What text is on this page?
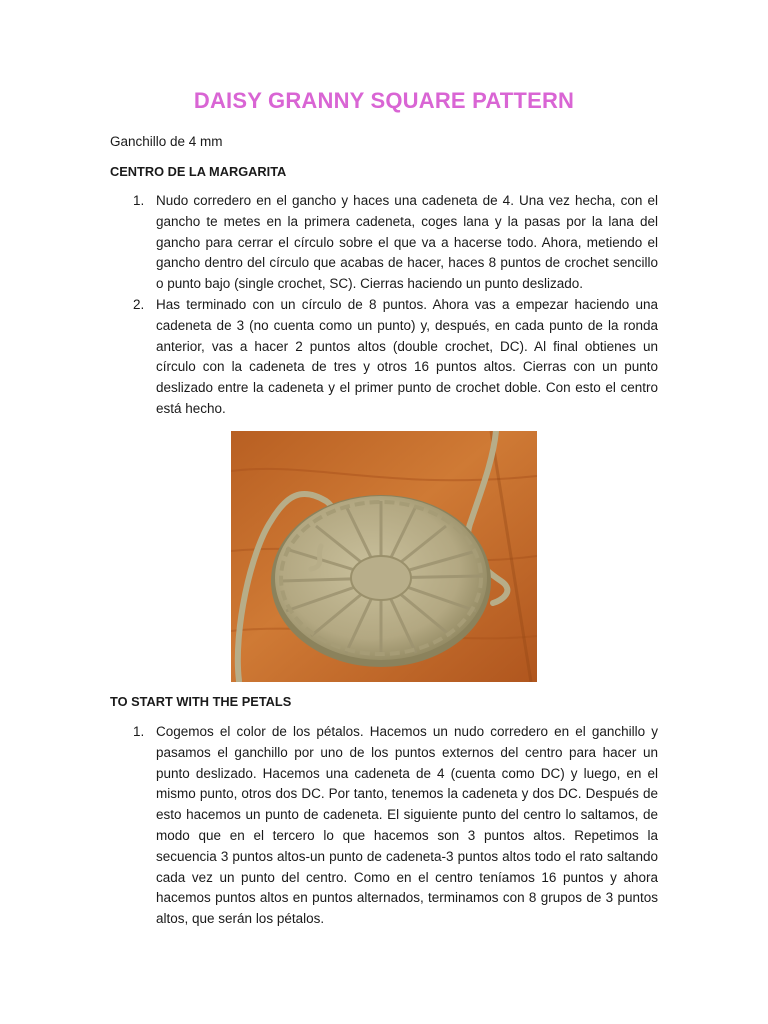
DAISY GRANNY SQUARE PATTERN
Ganchillo de 4 mm
CENTRO DE LA MARGARITA
1. Nudo corredero en el gancho y haces una cadeneta de 4. Una vez hecha, con el gancho te metes en la primera cadeneta, coges lana y la pasas por la lana del gancho para cerrar el círculo sobre el que va a hacerse todo. Ahora, metiendo el gancho dentro del círculo que acabas de hacer, haces 8 puntos de crochet sencillo o punto bajo (single crochet, SC). Cierras haciendo un punto deslizado.
2. Has terminado con un círculo de 8 puntos. Ahora vas a empezar haciendo una cadeneta de 3 (no cuenta como un punto) y, después, en cada punto de la ronda anterior, vas a hacer 2 puntos altos (double crochet, DC). Al final obtienes un círculo con la cadeneta de tres y otros 16 puntos altos. Cierras con un punto deslizado entre la cadeneta y el primer punto de crochet doble. Con esto el centro está hecho.
TO START WITH THE PETALS
1. Cogemos el color de los pétalos. Hacemos un nudo corredero en el ganchillo y pasamos el ganchillo por uno de los puntos externos del centro para hacer un punto deslizado. Hacemos una cadeneta de 4 (cuenta como DC) y luego, en el mismo punto, otros dos DC. Por tanto, tenemos la cadeneta y dos DC. Después de esto hacemos un punto de cadeneta. El siguiente punto del centro lo saltamos, de modo que en el tercero lo que hacemos son 3 puntos altos. Repetimos la secuencia 3 puntos altos-un punto de cadeneta-3 puntos altos todo el rato saltando cada vez un punto del centro. Como en el centro teníamos 16 puntos y ahora hacemos puntos altos en puntos alternados, terminamos con 8 grupos de 3 puntos altos, que serán los pétalos.
